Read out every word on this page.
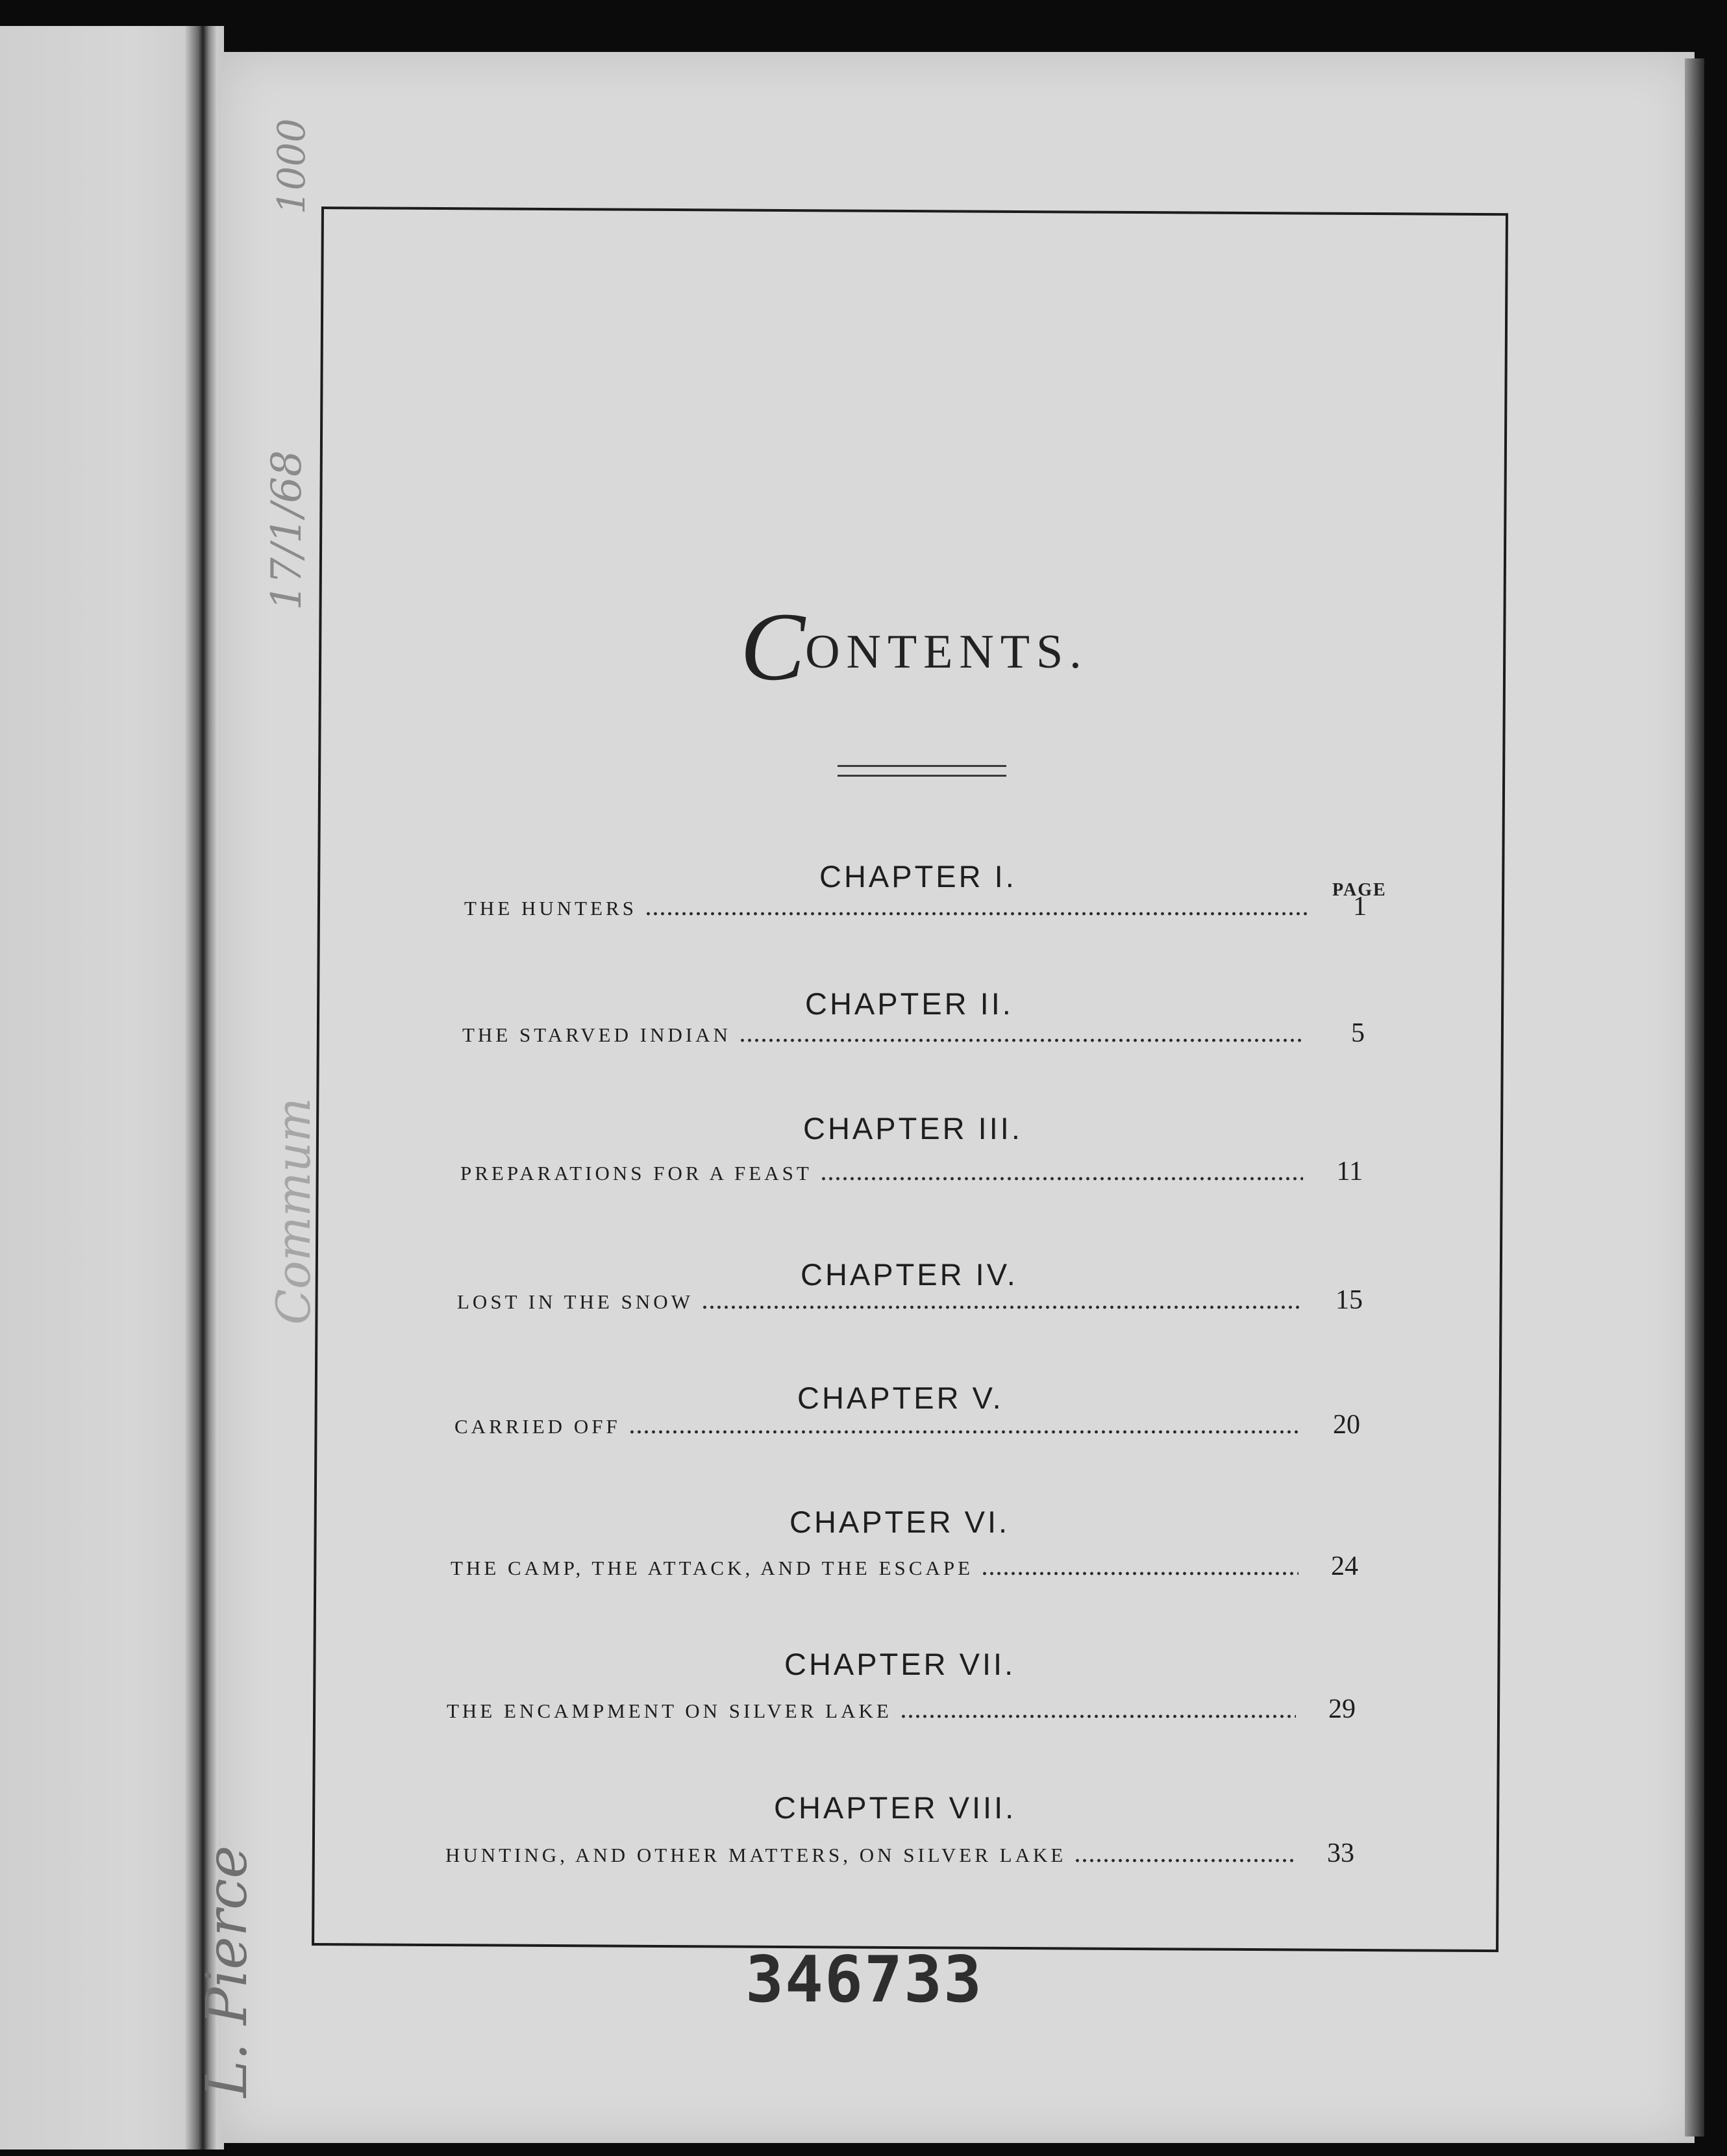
1000
17/1/68
Commum
L. Pierce
CONTENTS.
PAGE
CHAPTER I.
THE HUNTERS	1
CHAPTER II.
THE STARVED INDIAN	5
CHAPTER III.
PREPARATIONS FOR A FEAST	11
CHAPTER IV.
LOST IN THE SNOW	15
CHAPTER V.
CARRIED OFF	20
CHAPTER VI.
THE CAMP, THE ATTACK, AND THE ESCAPE	24
CHAPTER VII.
THE ENCAMPMENT ON SILVER LAKE	29
CHAPTER VIII.
HUNTING, AND OTHER MATTERS, ON SILVER LAKE	33
346733
